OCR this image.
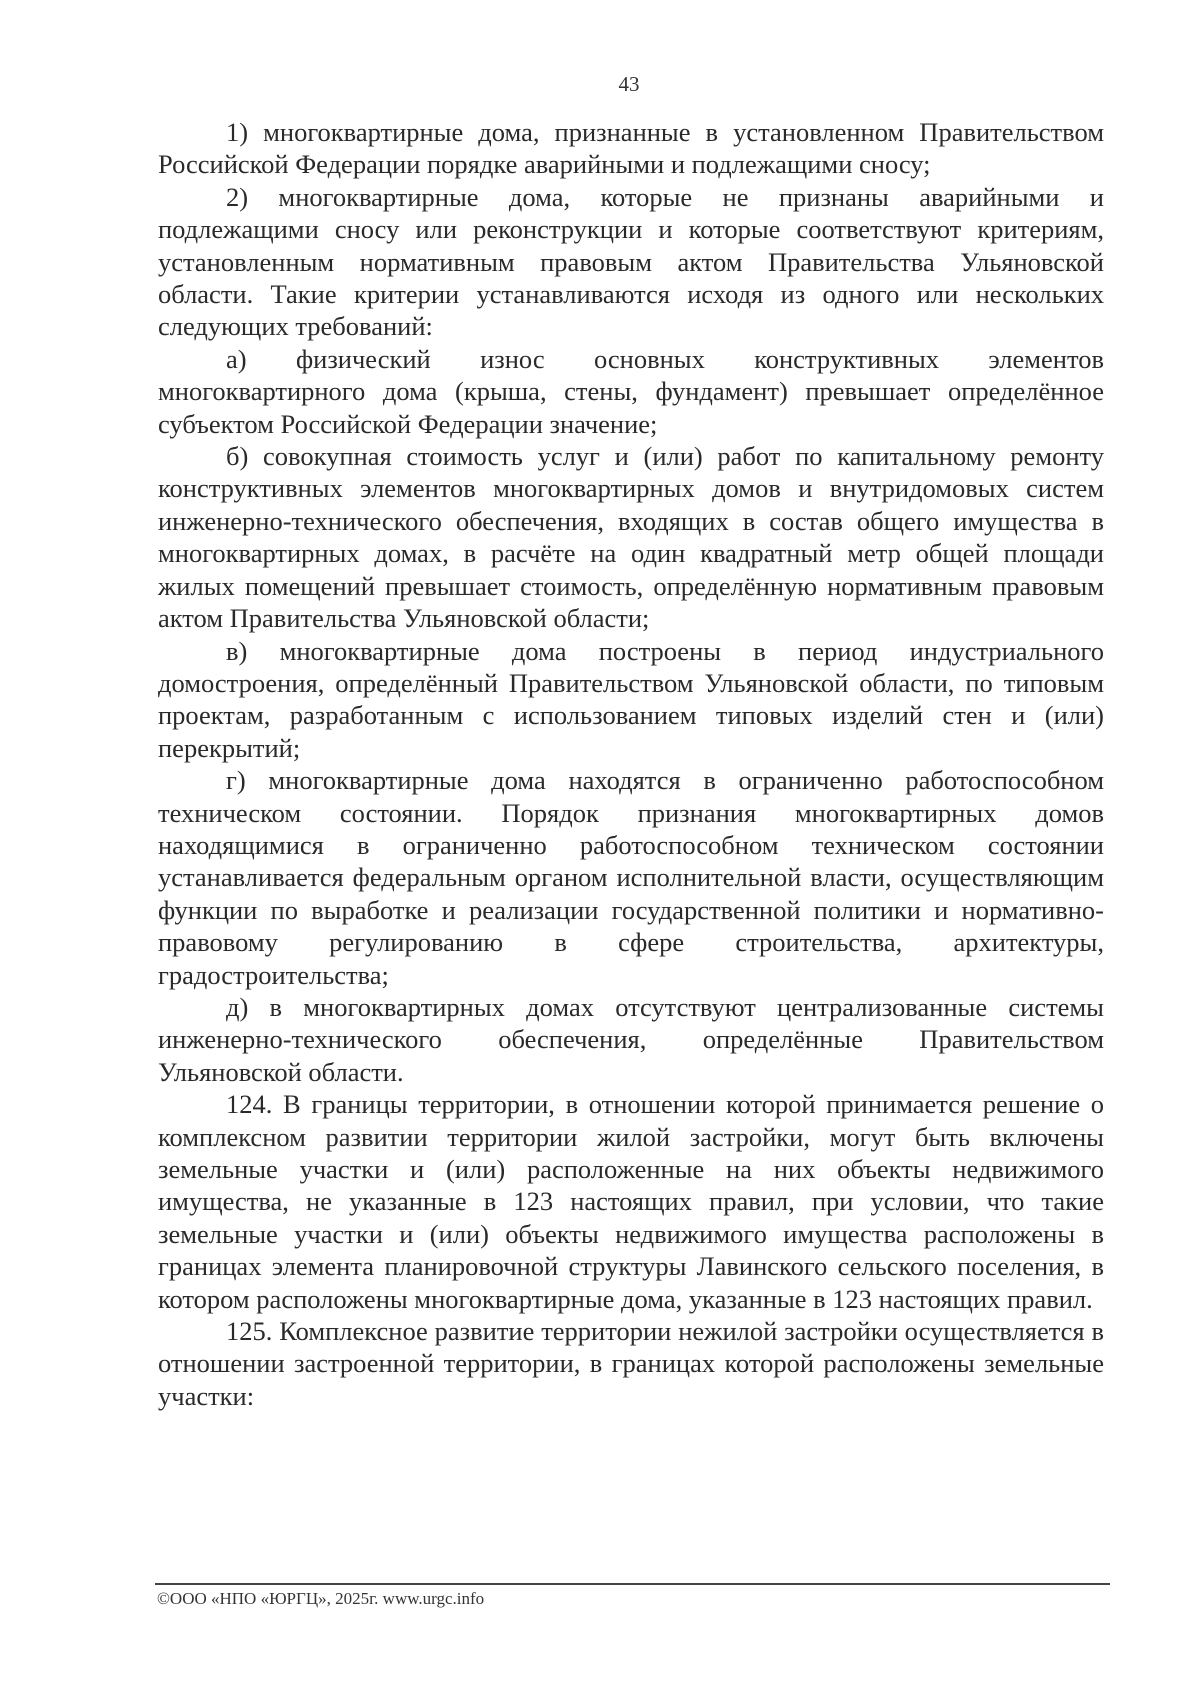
43

1) многоквартирные дома, признанные в установленном Правительством Российской Федерации порядке аварийными и подлежащими сносу;

2) многоквартирные дома, которые не признаны аварийными и подлежащими сносу или реконструкции и которые соответствуют критериям, установленным нормативным правовым актом Правительства Ульяновской области. Такие критерии устанавливаются исходя из одного или нескольких следующих требований:

а) физический износ основных конструктивных элементов многоквартирного дома (крыша, стены, фундамент) превышает определённое субъектом Российской Федерации значение;

б) совокупная стоимость услуг и (или) работ по капитальному ремонту конструктивных элементов многоквартирных домов и внутридомовых систем инженерно-технического обеспечения, входящих в состав общего имущества в многоквартирных домах, в расчёте на один квадратный метр общей площади жилых помещений превышает стоимость, определённую нормативным правовым актом Правительства Ульяновской области;

в) многоквартирные дома построены в период индустриального домостроения, определённый Правительством Ульяновской области, по типовым проектам, разработанным с использованием типовых изделий стен и (или) перекрытий;

г) многоквартирные дома находятся в ограниченно работоспособном техническом состоянии. Порядок признания многоквартирных домов находящимися в ограниченно работоспособном техническом состоянии устанавливается федеральным органом исполнительной власти, осуществляющим функции по выработке и реализации государственной политики и нормативно-правовому регулированию в сфере строительства, архитектуры, градостроительства;

д) в многоквартирных домах отсутствуют централизованные системы инженерно-технического обеспечения, определённые Правительством Ульяновской области.

124. В границы территории, в отношении которой принимается решение о комплексном развитии территории жилой застройки, могут быть включены земельные участки и (или) расположенные на них объекты недвижимого имущества, не указанные в 123 настоящих правил, при условии, что такие земельные участки и (или) объекты недвижимого имущества расположены в границах элемента планировочной структуры Лавинского сельского поселения, в котором расположены многоквартирные дома, указанные в 123 настоящих правил.

125. Комплексное развитие территории нежилой застройки осуществляется в отношении застроенной территории, в границах которой расположены земельные участки:

©ООО «НПО «ЮРГЦ», 2025г. www.urgc.info
